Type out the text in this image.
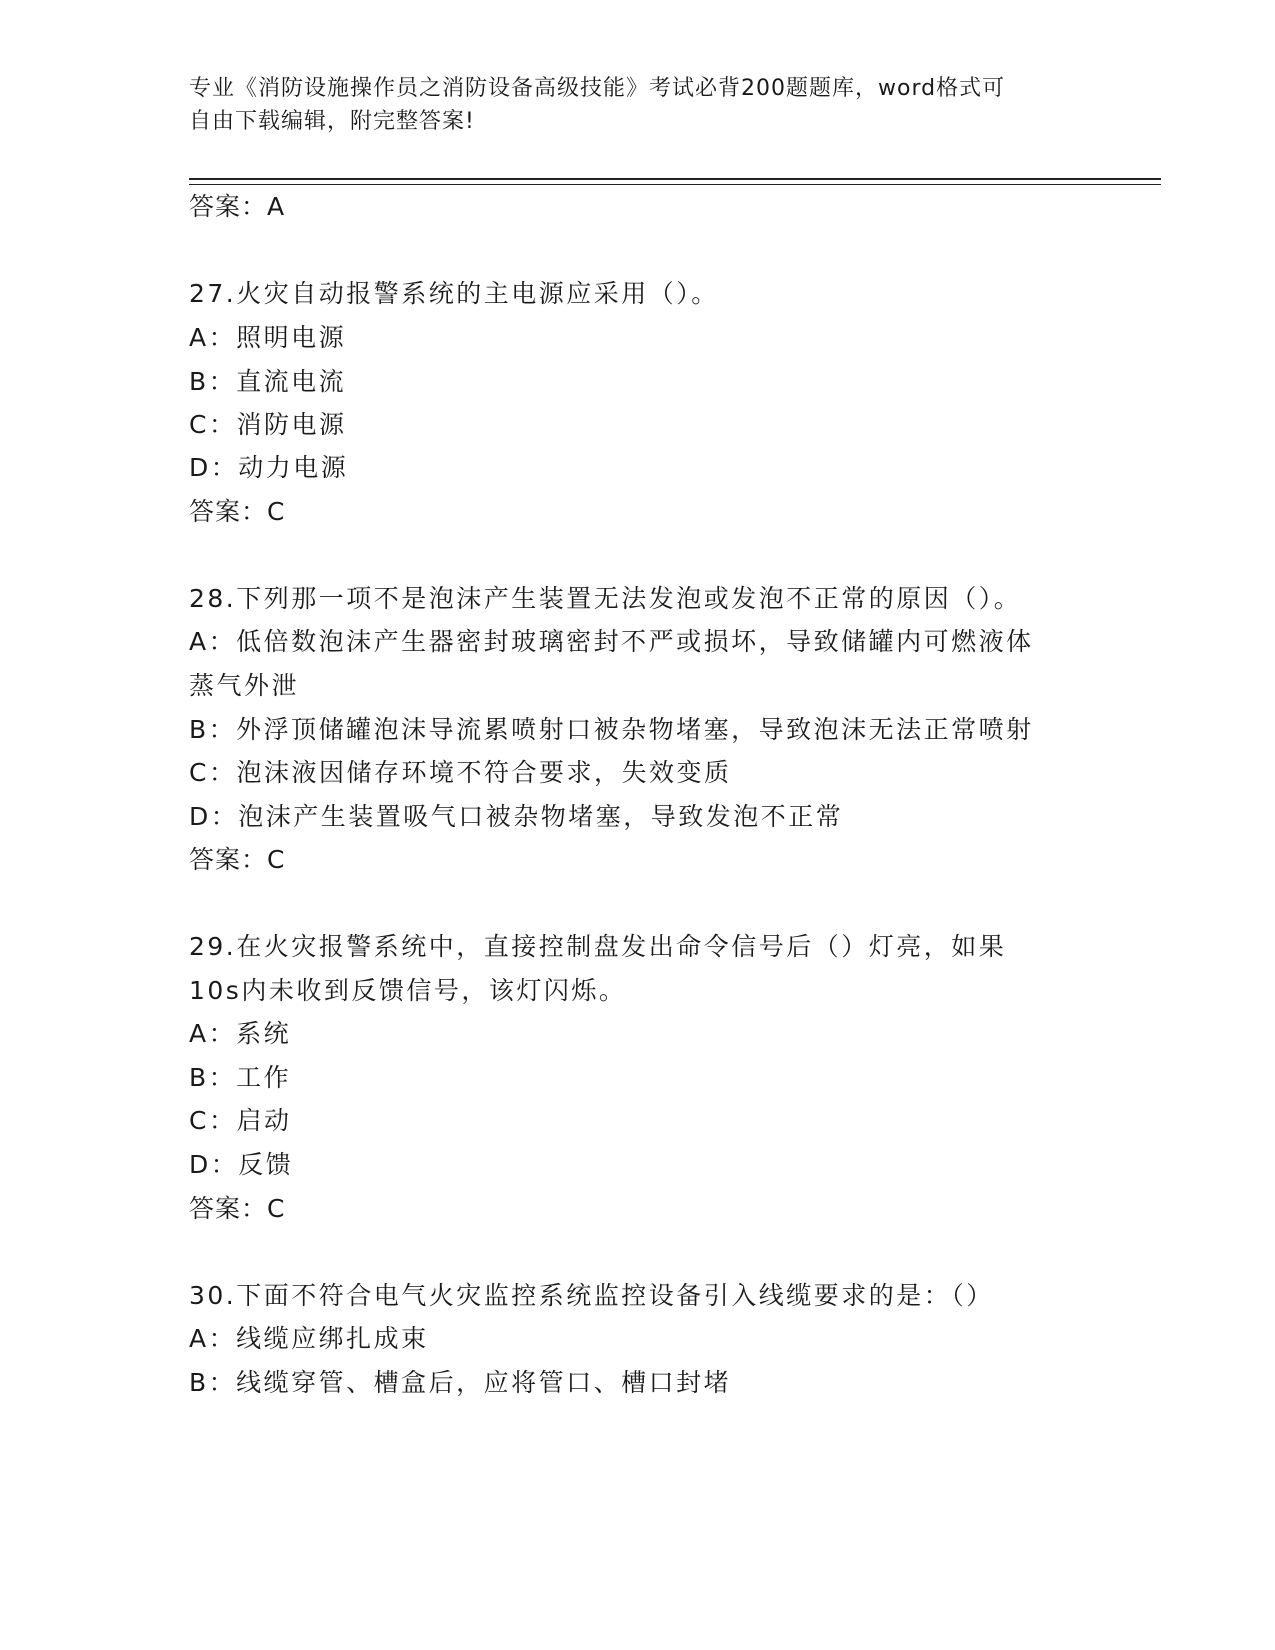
专业《消防设施操作员之消防设备高级技能》考试必背200题题库，word格式可
自由下载编辑，附完整答案!
答案：A
27.火灾自动报警系统的主电源应采用（）。
A：照明电源
B：直流电流
C：消防电源
D：动力电源
答案：C
28.下列那一项不是泡沫产生装置无法发泡或发泡不正常的原因（）。
A：低倍数泡沫产生器密封玻璃密封不严或损坏，导致储罐内可燃液体
蒸气外泄
B：外浮顶储罐泡沫导流累喷射口被杂物堵塞，导致泡沫无法正常喷射
C：泡沫液因储存环境不符合要求，失效变质
D：泡沫产生装置吸气口被杂物堵塞，导致发泡不正常
答案：C
29.在火灾报警系统中，直接控制盘发出命令信号后（）灯亮，如果
10s内未收到反馈信号，该灯闪烁。
A：系统
B：工作
C：启动
D：反馈
答案：C
30.下面不符合电气火灾监控系统监控设备引入线缆要求的是：（）
A：线缆应绑扎成束
B：线缆穿管、槽盒后，应将管口、槽口封堵
